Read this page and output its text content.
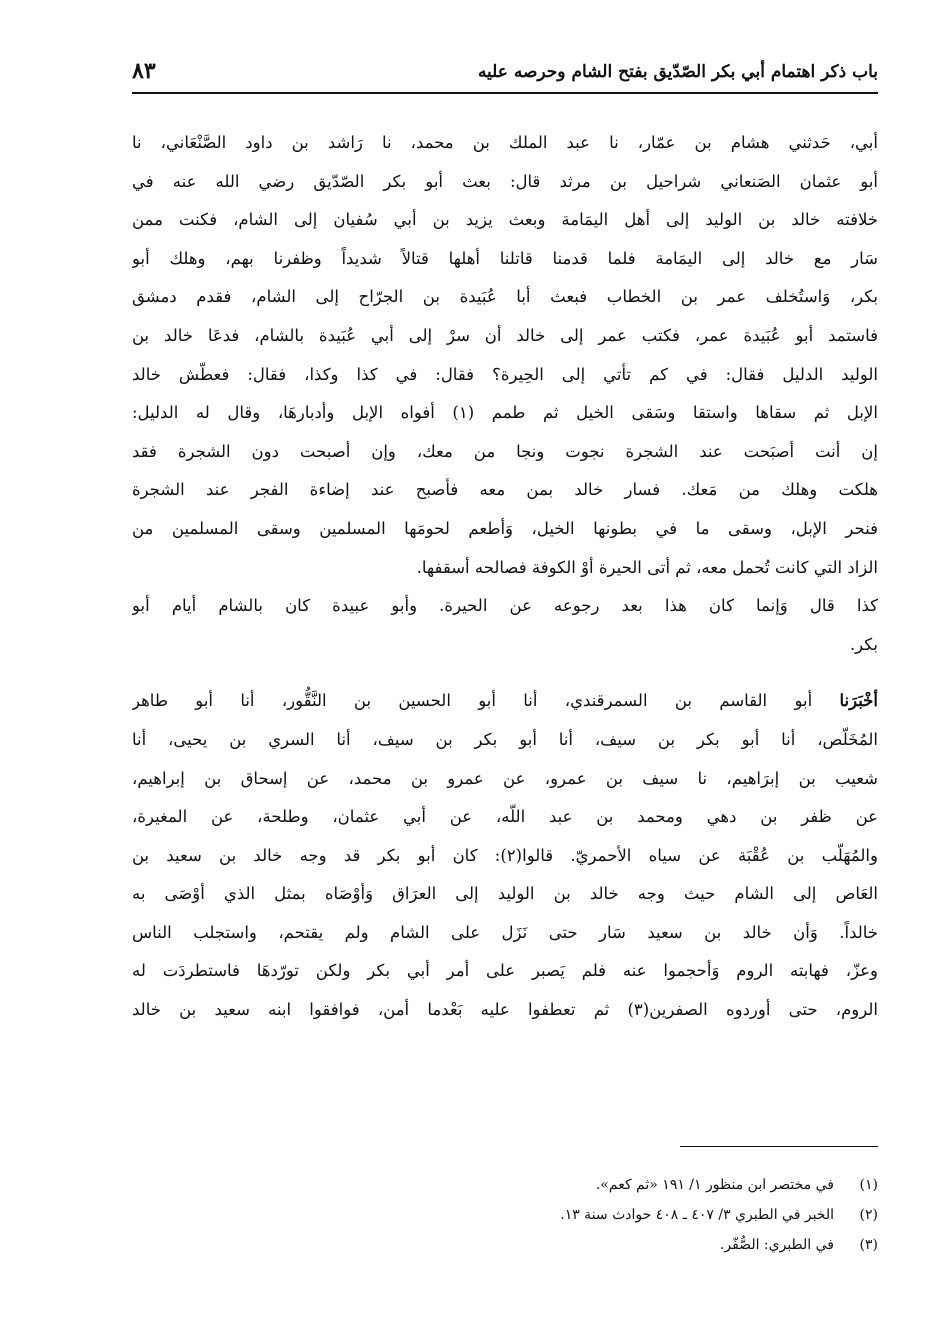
باب ذكر اهتمام أبي بكر الصّدّيق بفتح الشام وحرصه عليه
٨٣
أبي، حَدثني هشام بن عمّار، نا عبد الملك بن محمد، نا رَاشد بن داود الصَّنْعَاني، نا
أبو عثمان الصَنعاني شراحيل بن مرثد قال: بعث أبو بكر الصّدّيق رضي الله عنه في
خلافته خالد بن الوليد إلى أهل اليمَامة وبعث يزيد بن أبي سُفيان إلى الشام، فكنت ممن
سَار مع خالد إلى اليمَامة فلما قدمنا قاتلنا أهلها قتالاً شديداً وظفرنا بهم، وهلك أبو
بكر، وَاستُخلف عمر بن الخطاب فبعث أبا عُبَيدة بن الجرّاح إلى الشام، فقدم دمشق
فاستمد أبو عُبَيدة عمر، فكتب عمر إلى خالد أن سرْ إلى أبي عُبَيدة بالشام، فدعَا خالد بن
الوليد الدليل فقال: في كم تأتي إلى الحِيرة؟ فقال: في كذا وكذا، فقال: فعطّش خالد
الإبل ثم سقاها واستقا وسَقى الخيل ثم طمم (١) أفواه الإبل وأدبارهَا، وقال له الدليل:
إن أنت أصبَحت عند الشجرة نجوت ونجا من معك، وإن أصبحت دون الشجرة فقد
هلكت وهلك من مَعك. فسار خالد بمن معه فأصبح عند إضاءة الفجر عند الشجرة
فنحر الإبل، وسقى ما في بطونها الخيل، وَأطعم لحومَها المسلمين وسقى المسلمين من
الزاد التي كانت تُحمل معه، ثم أتى الحيرة أوْ الكوفة فصالحه أسقفها.
كذا قال وَإنما كان هذا بعد رجوعه عن الحيرة. وأبو عبيدة كان بالشام أيام أبو
بكر.
أخْبَرَنا أبو القاسم بن السمرقندي، أنا أبو الحسين بن النَّقُّور، أنا أبو طاهر
المُخَلّص، أنا أبو بكر بن سيف، أنا أبو بكر بن سيف، أنا السري بن يحيى، أنا
شعيب بن إبرَاهيم، نا سيف بن عمرو، عن عمرو بن محمد، عن إسحاق بن إبراهيم،
عن ظفر بن دهي ومحمد بن عبد اللّه، عن أبي عثمان، وطلحة، عن المغيرة،
والمُهَلّب بن عُقْبَة عن سياه الأحمريّ. قالوا(٢): كان أبو بكر قد وجه خالد بن سعيد بن
العَاص إلى الشام حيث وجه خالد بن الوليد إلى العرَاق وَأوْصَاه بمثل الذي أوْصَى به
خالداً. وَأن خالد بن سعيد سَار حتى نَزَل على الشام ولم يقتحم، واستجلب الناس
وعزّ، فهابته الروم وَأحجموا عنه فلم يَصبر على أمر أبي بكر ولكن تورّدهَا فاستطردَت له
الروم، حتى أوردوه الصفرين(٣) ثم تعطفوا عليه بَعْدما أمن، فوافقوا ابنه سعيد بن خالد
(١)في مختصر ابن منظور ١/ ١٩١ «ثم كعم».
(٢)الخبر في الطبري ٣/ ٤٠٧ ـ ٤٠٨ حوادث سنة ١٣.
(٣)في الطبري: الصُّفّر.
